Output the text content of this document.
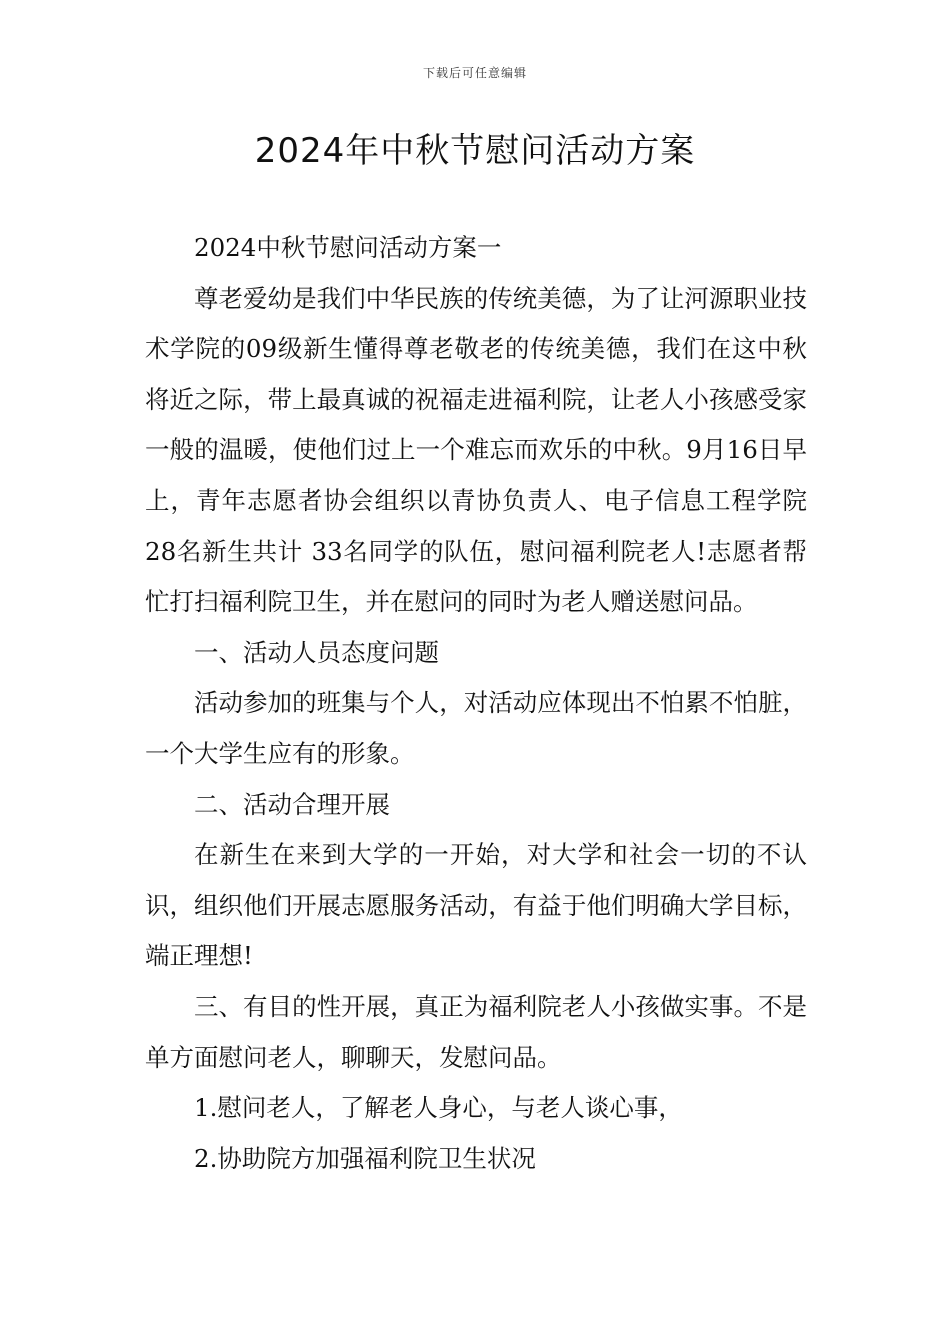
下载后可任意编辑
2024年中秋节慰问活动方案

2024中秋节慰问活动方案一

尊老爱幼是我们中华民族的传统美德，为了让河源职业技术学院的09级新生懂得尊老敬老的传统美德，我们在这中秋将近之际，带上最真诚的祝福走进福利院，让老人小孩感受家一般的温暖，使他们过上一个难忘而欢乐的中秋。9月16日早上，青年志愿者协会组织以青协负责人、电子信息工程学院28名新生共计 33名同学的队伍，慰问福利院老人!志愿者帮忙打扫福利院卫生，并在慰问的同时为老人赠送慰问品。

一、活动人员态度问题

活动参加的班集与个人，对活动应体现出不怕累不怕脏，一个大学生应有的形象。

二、活动合理开展

在新生在来到大学的一开始，对大学和社会一切的不认识，组织他们开展志愿服务活动，有益于他们明确大学目标，端正理想!

三、有目的性开展，真正为福利院老人小孩做实事。不是单方面慰问老人，聊聊天，发慰问品。

1.慰问老人，了解老人身心，与老人谈心事，

2.协助院方加强福利院卫生状况
